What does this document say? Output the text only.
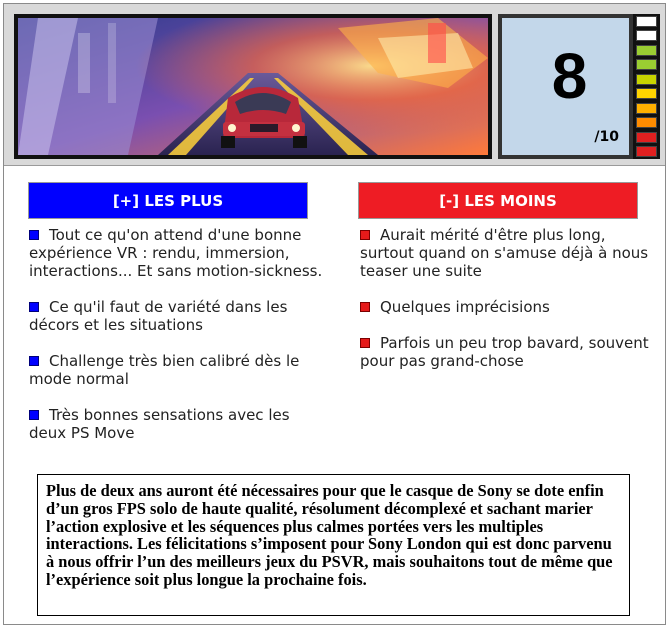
8
/10
[+] LES PLUS	[-] LES MOINS
Tout ce qu'on attend d'une bonne expérience VR : rendu, immersion, interactions... Et sans motion-sickness.
Ce qu'il faut de variété dans les décors et les situations
Challenge très bien calibré dès le mode normal
Très bonnes sensations avec les deux PS Move
Aurait mérité d'être plus long, surtout quand on s'amuse déjà à nous teaser une suite
Quelques imprécisions
Parfois un peu trop bavard, souvent pour pas grand-chose
Plus de deux ans auront été nécessaires pour que le casque de Sony se dote enfin d’un gros FPS solo de haute qualité, résolument décomplexé et sachant marier l’action explosive et les séquences plus calmes portées vers les multiples interactions. Les félicitations s’imposent pour Sony London qui est donc parvenu à nous offrir l’un des meilleurs jeux du PSVR, mais souhaitons tout de même que l’expérience soit plus longue la prochaine fois.
